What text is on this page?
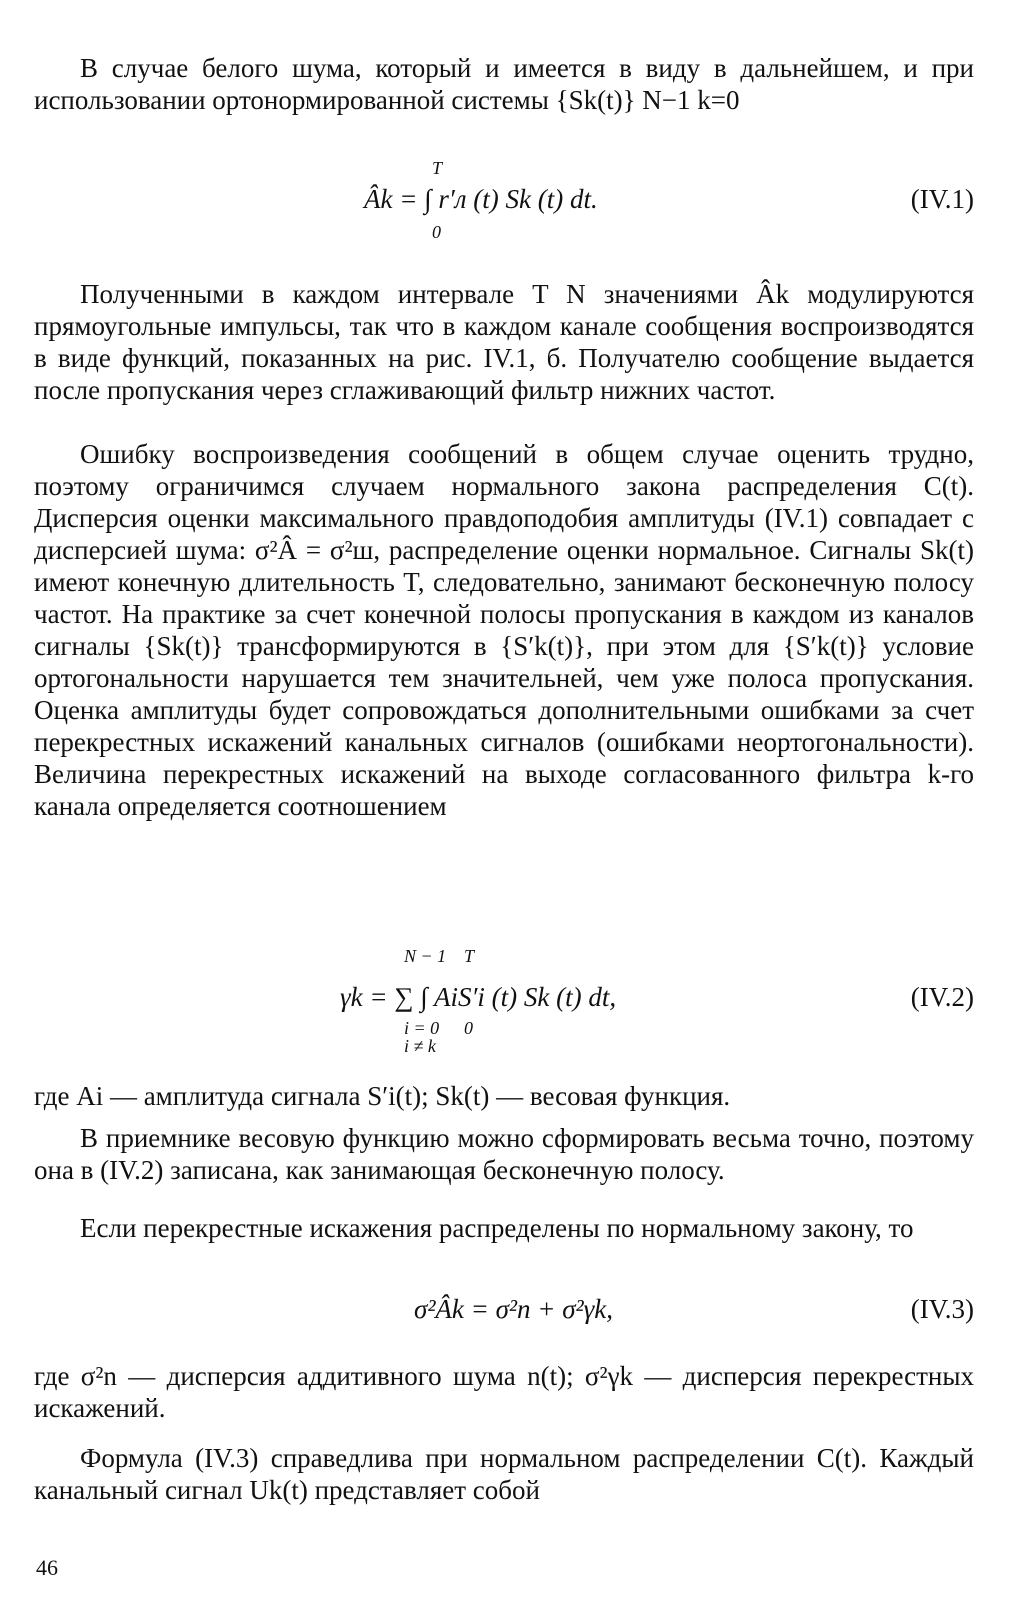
В случае белого шума, который и имеется в виду в дальнейшем, и при использовании ортонормированной системы {Sk(t)} N−1 k=0

T
Âk = ∫ r′л (t) Sk (t) dt.
0
(IV.1)

Полученными в каждом интервале T N значениями Âk модулируются прямоугольные импульсы, так что в каждом канале сообщения воспроизводятся в виде функций, показанных на рис. IV.1, б. Получателю сообщение выдается после пропускания через сглаживающий фильтр нижних частот.

Ошибку воспроизведения сообщений в общем случае оценить трудно, поэтому ограничимся случаем нормального закона распределения C(t). Дисперсия оценки максимального правдоподобия амплитуды (IV.1) совпадает с дисперсией шума: σ²Â = σ²ш, распределение оценки нормальное. Сигналы Sk(t) имеют конечную длительность T, следовательно, занимают бесконечную полосу частот. На практике за счет конечной полосы пропускания в каждом из каналов сигналы {Sk(t)} трансформируются в {S′k(t)}, при этом для {S′k(t)} условие ортогональности нарушается тем значительней, чем уже полоса пропускания. Оценка амплитуды будет сопровождаться дополнительными ошибками за счет перекрестных искажений канальных сигналов (ошибками неортогональности). Величина перекрестных искажений на выходе согласованного фильтра k-го канала определяется соотношением

N − 1 T
γk = ∑ ∫ AiS′i (t) Sk (t) dt,
i = 0 0
i ≠ k
(IV.2)

где Ai — амплитуда сигнала S′i(t); Sk(t) — весовая функция.

В приемнике весовую функцию можно сформировать весьма точно, поэтому она в (IV.2) записана, как занимающая бесконечную полосу.

Если перекрестные искажения распределены по нормальному закону, то

σ²Âk = σ²n + σ²γk,	(IV.3)

где σ²n — дисперсия аддитивного шума n(t); σ²γk — дисперсия перекрестных искажений.

Формула (IV.3) справедлива при нормальном распределении C(t). Каждый канальный сигнал Uk(t) представляет собой

46
